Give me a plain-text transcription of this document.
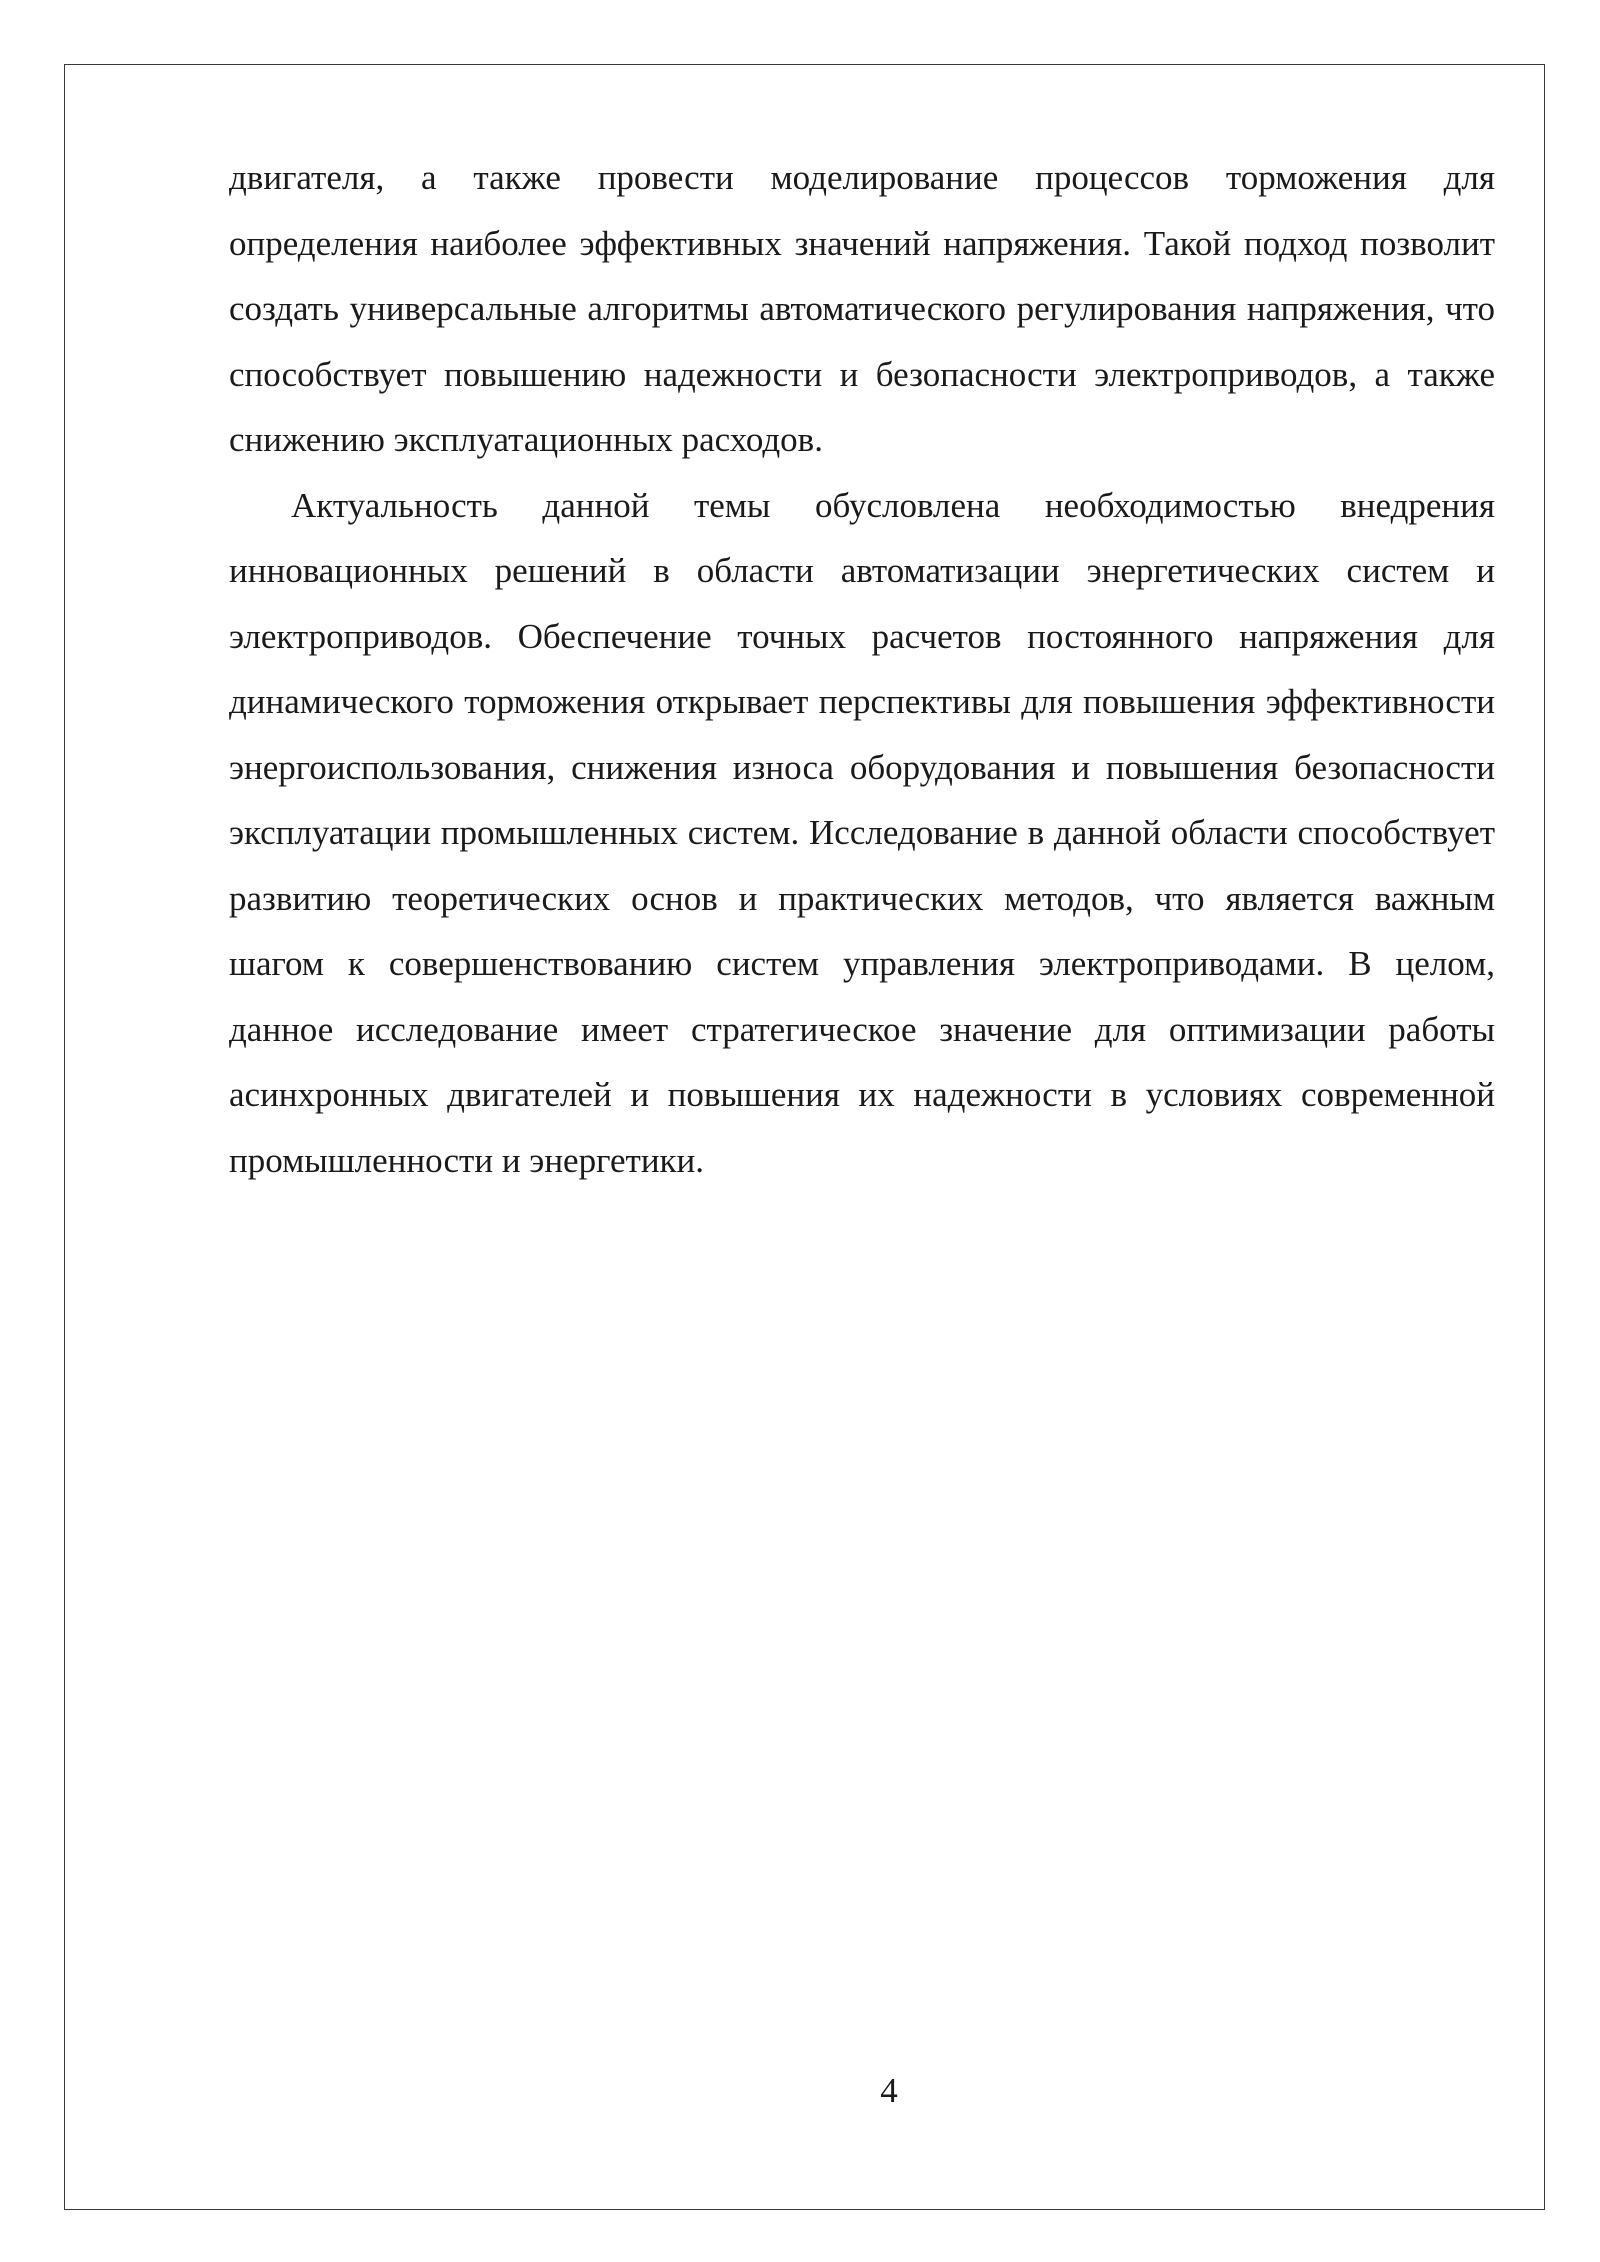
двигателя, а также провести моделирование процессов торможения для определения наиболее эффективных значений напряжения. Такой подход позволит создать универсальные алгоритмы автоматического регулирования напряжения, что способствует повышению надежности и безопасности электроприводов, а также снижению эксплуатационных расходов.

Актуальность данной темы обусловлена необходимостью внедрения инновационных решений в области автоматизации энергетических систем и электроприводов. Обеспечение точных расчетов постоянного напряжения для динамического торможения открывает перспективы для повышения эффективности энергоиспользования, снижения износа оборудования и повышения безопасности эксплуатации промышленных систем. Исследование в данной области способствует развитию теоретических основ и практических методов, что является важным шагом к совершенствованию систем управления электроприводами. В целом, данное исследование имеет стратегическое значение для оптимизации работы асинхронных двигателей и повышения их надежности в условиях современной промышленности и энергетики.

4
